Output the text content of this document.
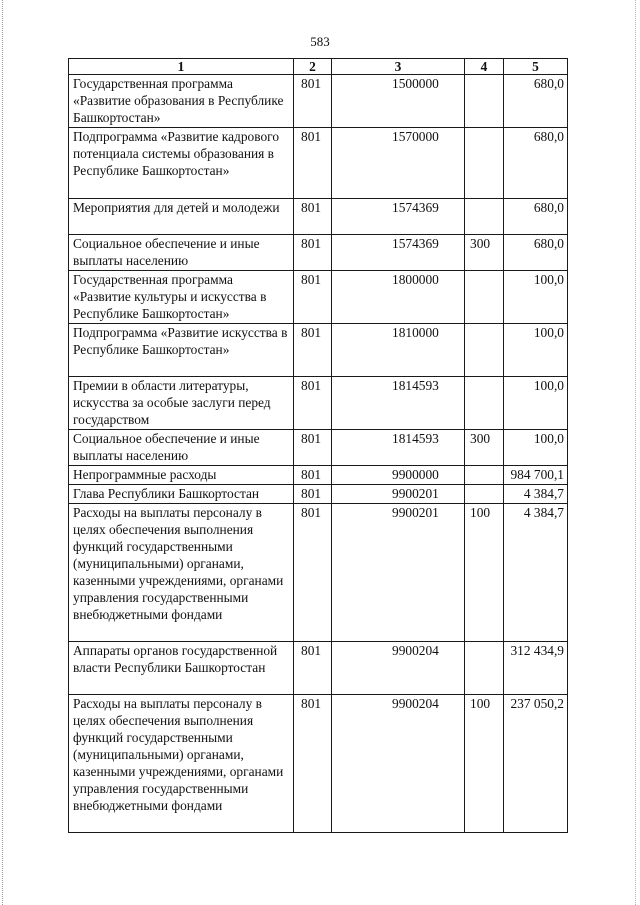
583
1	2	3	4	5
Государственная программа «Развитие образования в Республике Башкортостан»	801	1500000		680,0
Подпрограмма «Развитие кадрового потенциала системы образования в Республике Башкортостан»	801	1570000		680,0
Мероприятия для детей и молодежи	801	1574369		680,0
Социальное обеспечение и иные выплаты населению	801	1574369	300	680,0
Государственная программа «Развитие культуры и искусства в Республике Башкортостан»	801	1800000		100,0
Подпрограмма «Развитие искусства в Республике Башкортостан»	801	1810000		100,0
Премии в области литературы, искусства за особые заслуги перед государством	801	1814593		100,0
Социальное обеспечение и иные выплаты населению	801	1814593	300	100,0
Непрограммные расходы	801	9900000		984 700,1
Глава Республики Башкортостан	801	9900201		4 384,7
Расходы на выплаты персоналу в целях обеспечения выполнения функций государственными (муниципальными) органами, казенными учреждениями, органами управления государственными внебюджетными фондами	801	9900201	100	4 384,7
Аппараты органов государственной власти Республики Башкортостан	801	9900204		312 434,9
Расходы на выплаты персоналу в целях обеспечения выполнения функций государственными (муниципальными) органами, казенными учреждениями, органами управления государственными внебюджетными фондами	801	9900204	100	237 050,2
